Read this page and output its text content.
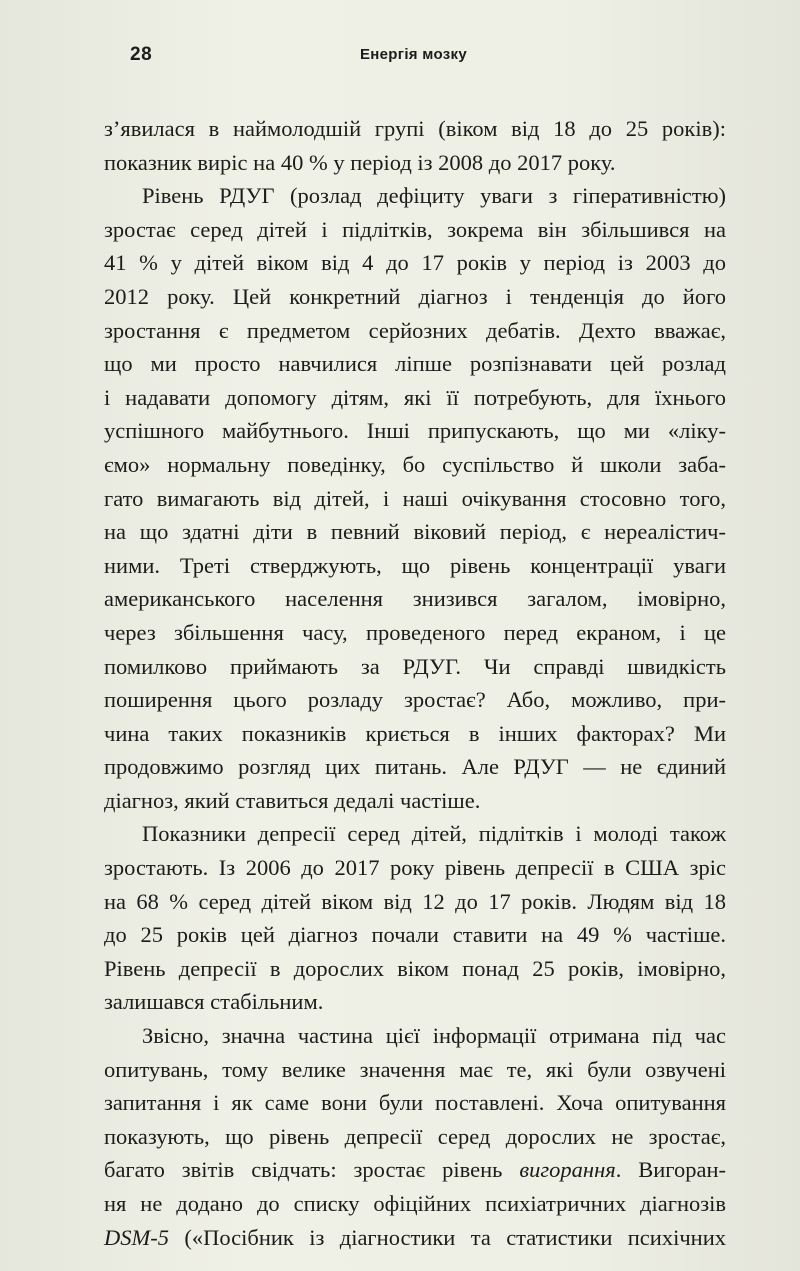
28	Енергія мозку
з’явилася в наймолодшій групі (віком від 18 до 25 років):
показник виріс на 40 % у період із 2008 до 2017 року.
Рівень РДУГ (розлад дефіциту уваги з гіперативністю)
зростає серед дітей і підлітків, зокрема він збільшився на
41 % у дітей віком від 4 до 17 років у період із 2003 до
2012 року. Цей конкретний діагноз і тенденція до його
зростання є предметом серйозних дебатів. Дехто вважає,
що ми просто навчилися ліпше розпізнавати цей розлад
і надавати допомогу дітям, які її потребують, для їхнього
успішного майбутнього. Інші припускають, що ми «ліку-
ємо» нормальну поведінку, бо суспільство й школи заба-
гато вимагають від дітей, і наші очікування стосовно того,
на що здатні діти в певний віковий період, є нереалістич-
ними. Треті стверджують, що рівень концентрації уваги
американського населення знизився загалом, імовірно,
через збільшення часу, проведеного перед екраном, і це
помилково приймають за РДУГ. Чи справді швидкість
поширення цього розладу зростає? Або, можливо, при-
чина таких показників криється в інших факторах? Ми
продовжимо розгляд цих питань. Але РДУГ — не єдиний
діагноз, який ставиться дедалі частіше.
Показники депресії серед дітей, підлітків і молоді також
зростають. Із 2006 до 2017 року рівень депресії в США зріс
на 68 % серед дітей віком від 12 до 17 років. Людям від 18
до 25 років цей діагноз почали ставити на 49 % частіше.
Рівень депресії в дорослих віком понад 25 років, імовірно,
залишався стабільним.
Звісно, значна частина цієї інформації отримана під час
опитувань, тому велике значення має те, які були озвучені
запитання і як саме вони були поставлені. Хоча опитування
показують, що рівень депресії серед дорослих не зростає,
багато звітів свідчать: зростає рівень вигорання. Вигоран-
ня не додано до списку офіційних психіатричних діагнозів
DSM-5 («Посібник із діагностики та статистики психічних
